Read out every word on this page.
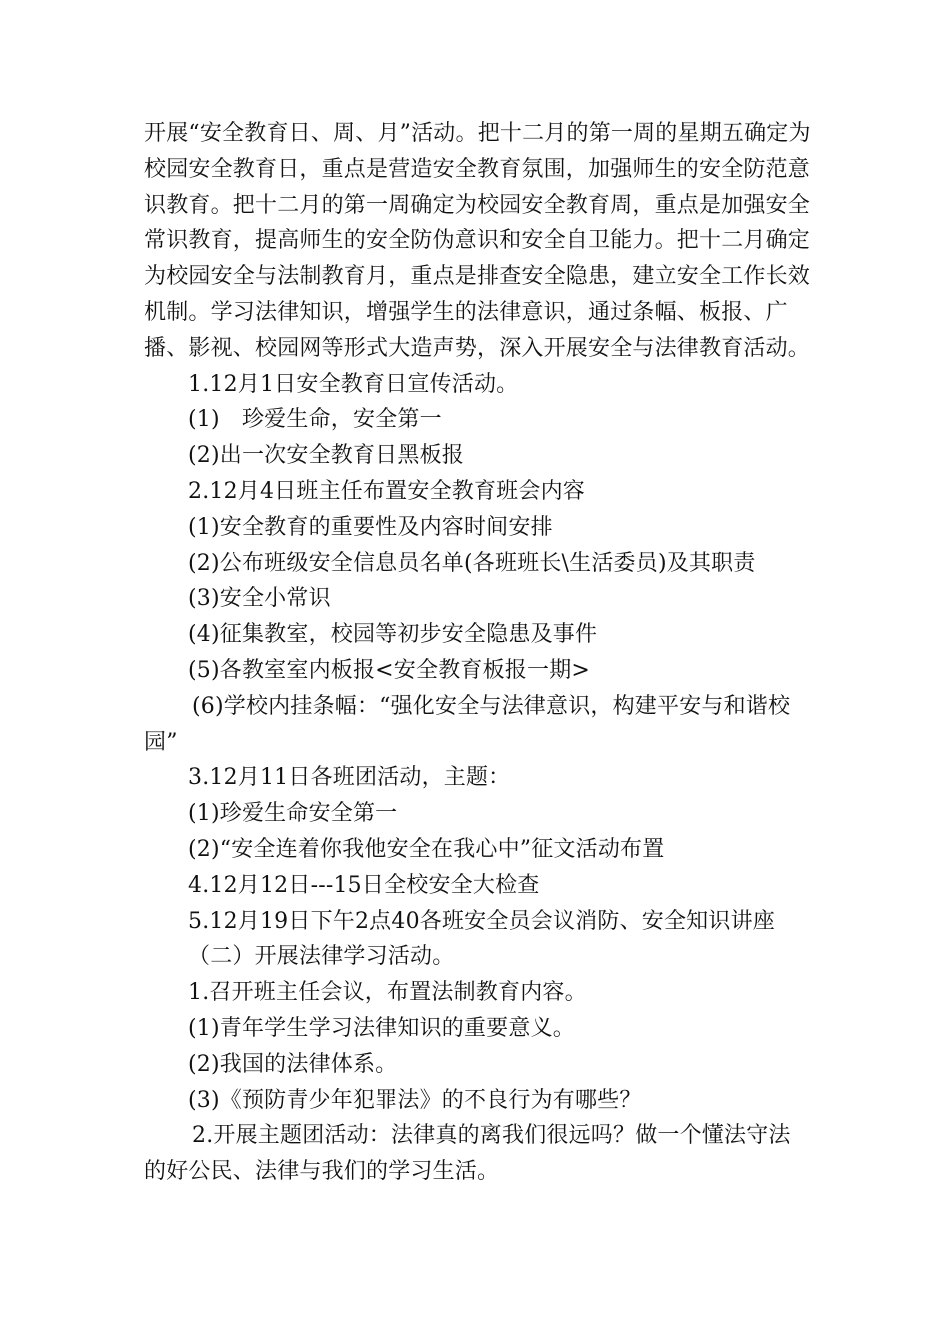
开展“安全教育日、周、月”活动。把十二月的第一周的星期五确定为校园安全教育日，重点是营造安全教育氛围，加强师生的安全防范意识教育。把十二月的第一周确定为校园安全教育周，重点是加强安全常识教育，提高师生的安全防伪意识和安全自卫能力。把十二月确定为校园安全与法制教育月，重点是排查安全隐患，建立安全工作长效机制。学习法律知识，增强学生的法律意识，通过条幅、板报、广播、影视、校园网等形式大造声势，深入开展安全与法律教育活动。

1.12月1日安全教育日宣传活动。

(1)　珍爱生命，安全第一

(2)出一次安全教育日黑板报

2.12月4日班主任布置安全教育班会内容

(1)安全教育的重要性及内容时间安排

(2)公布班级安全信息员名单(各班班长\生活委员)及其职责

(3)安全小常识

(4)征集教室，校园等初步安全隐患及事件

(5)各教室室内板报<安全教育板报一期>

(6)学校内挂条幅：“强化安全与法律意识，构建平安与和谐校园”

3.12月11日各班团活动，主题：

(1)珍爱生命安全第一

(2)“安全连着你我他安全在我心中”征文活动布置

4.12月12日---15日全校安全大检查

5.12月19日下午2点40各班安全员会议消防、安全知识讲座

（二）开展法律学习活动。

1.召开班主任会议，布置法制教育内容。

(1)青年学生学习法律知识的重要意义。

(2)我国的法律体系。

(3)《预防青少年犯罪法》的不良行为有哪些？

2.开展主题团活动：法律真的离我们很远吗？做一个懂法守法的好公民、法律与我们的学习生活。
